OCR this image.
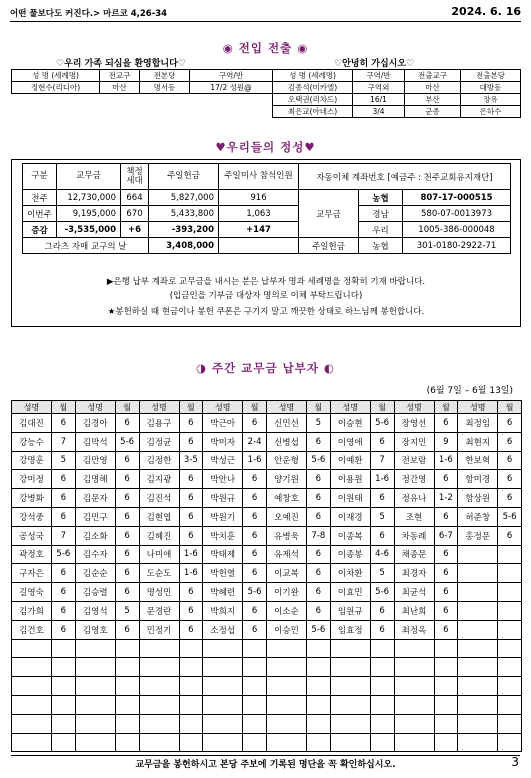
어떤 풀보다도 커진다.> 마르코 4,26-34	2024. 6. 16
◉ 전입 전출 ◉
♡우리 가족 되심을 환영합니다♡	♡안녕히 가십시오♡
성 명 (세례명)	전교구	전본당	구역/반
정현수(리디아)	마산	명서동	17/2 성원@
성 명 (세례명)	구역/반	전출교구	전출본당
김종석(미카엘)	구역외	마산	대방동
오택권(리차드)	16/1	부산	장유
최은교(아네스)	3/4	군종	은하수
♥우리들의 정성♥
구분	교무금	책정 세대	주일헌금	주일미사 참석인원	자동이체 계좌번호 [예금주 : 천주교회유지재단]		
전주	12,730,000	664	5,827,000	916	교무금	농협	807-17-000515
이번주	9,195,000	670	5,433,800	1,063		경남	580-07-0013973
증감	-3,535,000	+6	-393,200	+147		우리	1005-386-000048
그라츠 자매 교구의 날			3,408,000		주일헌금	농협	301-0180-2922-71
▶은행 납부 계좌로 교무금을 내시는 분은 납부자 명과 세례명을 정확히 기재 바랍니다.
(입금인을 기부금 대상자 명의로 이체 부탁드립니다)
★봉헌하실 때 현금이나 봉헌 쿠폰은 구기지 말고 깨끗한 상태로 하느님께 봉헌합니다.
◑ 주간 교무금 납부자 ◐
(6월 7일 – 6월 13일)
성명	월	성명	월	성명	월	성명	월	성명	월	성명	월	성명	월	성명	월
김대진	6	김경아	6	김용구	6	박근아	6	신민선	5	이승현	5-6	장영선	6	최정임	6
강능수	7	김막석	5-6	김정균	6	박미자	2-4	신병섭	6	이영애	6	장지민	9	최현지	6
강명훈	5	김만영	6	김정한	3-5	박성근	1-6	안운형	5-6	이예환	7	전보람	1-6	한보혁	6
강미정	6	김명해	6	김지광	6	박안나	6	양기원	6	이용원	1-6	정간영	6	함미경	6
강병화	6	김문자	6	김진석	6	박원규	6	예창호	6	이원태	6	정유나	1-2	함상원	6
강석중	6	김민구	6	김현엽	6	박원기	6	오예진	6	이재경	5	조현	6	허준창	5-6
공성국	7	김소화	6	김혜진	6	박치훈	6	유병욱	7-8	이종복	6	차동례	6-7	홍정문	6
곽정호	5-6	김수자	6	나미애	1-6	박태제	6	유제석	6	이종봉	4-6	채종문	6		
구자은	6	김순순	6	도순도	1-6	박헌열	6	이교복	6	이차환	5	최경자	6		
길영숙	6	김승렬	6	명성민	6	박혜련	5-6	이기완	6	이효민	5-6	최균석	6		
김가희	6	김영석	5	문경란	6	박희지	6	이소순	6	임원규	6	최난희	6		
김건호	6	김영호	6	민정기	6	소정섭	6	이승민	5-6	임효정	6	최정옥	6		

교무금을 봉헌하시고 본당 주보에 기록된 명단을 꼭 확인하십시오.	3
